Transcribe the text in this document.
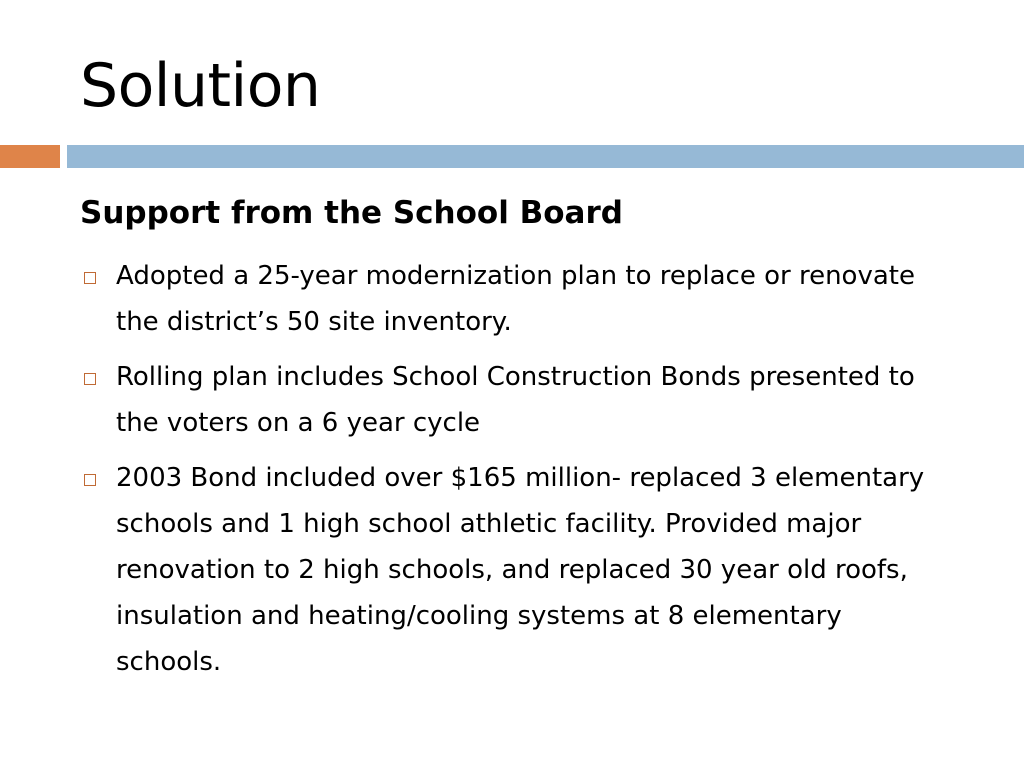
Solution
Support from the School Board
Adopted a 25-year modernization plan to replace or renovate the district’s 50 site inventory.
Rolling plan includes School Construction Bonds presented to the voters on a 6 year cycle
2003 Bond included over $165 million- replaced 3 elementary schools and 1 high school athletic facility. Provided major renovation to 2 high schools, and replaced 30 year old roofs, insulation and heating/cooling systems at 8 elementary schools.
